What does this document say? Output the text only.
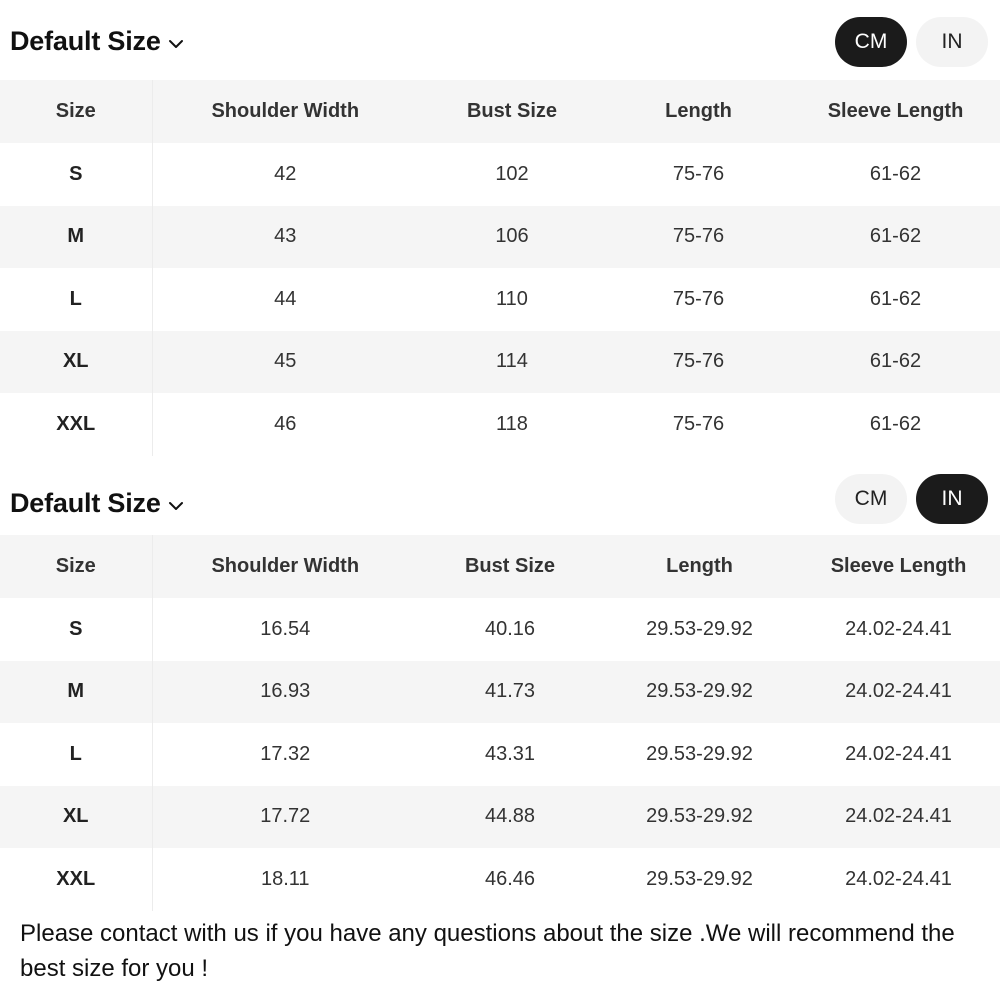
Default Size	CM	IN
Size	Shoulder Width	Bust Size	Length	Sleeve Length
S	42	102	75-76	61-62
M	43	106	75-76	61-62
L	44	110	75-76	61-62
XL	45	114	75-76	61-62
XXL	46	118	75-76	61-62
Default Size	CM	IN
Size	Shoulder Width	Bust Size	Length	Sleeve Length
S	16.54	40.16	29.53-29.92	24.02-24.41
M	16.93	41.73	29.53-29.92	24.02-24.41
L	17.32	43.31	29.53-29.92	24.02-24.41
XL	17.72	44.88	29.53-29.92	24.02-24.41
XXL	18.11	46.46	29.53-29.92	24.02-24.41
Please contact with us if you have any questions about the size .We will recommend the best size for you !
